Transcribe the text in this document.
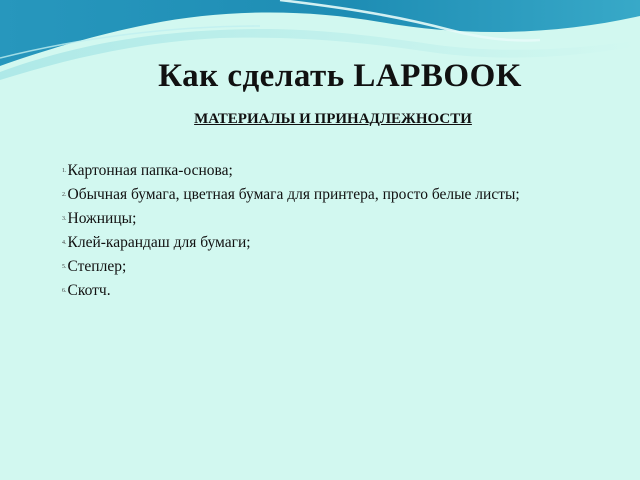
Как сделать LAPBOOK
МАТЕРИАЛЫ И ПРИНАДЛЕЖНОСТИ
1.Картонная папка-основа;
2.Обычная бумага, цветная бумага для принтера, просто белые листы;
3.Ножницы;
4.Клей-карандаш для бумаги;
5.Степлер;
6.Скотч.
